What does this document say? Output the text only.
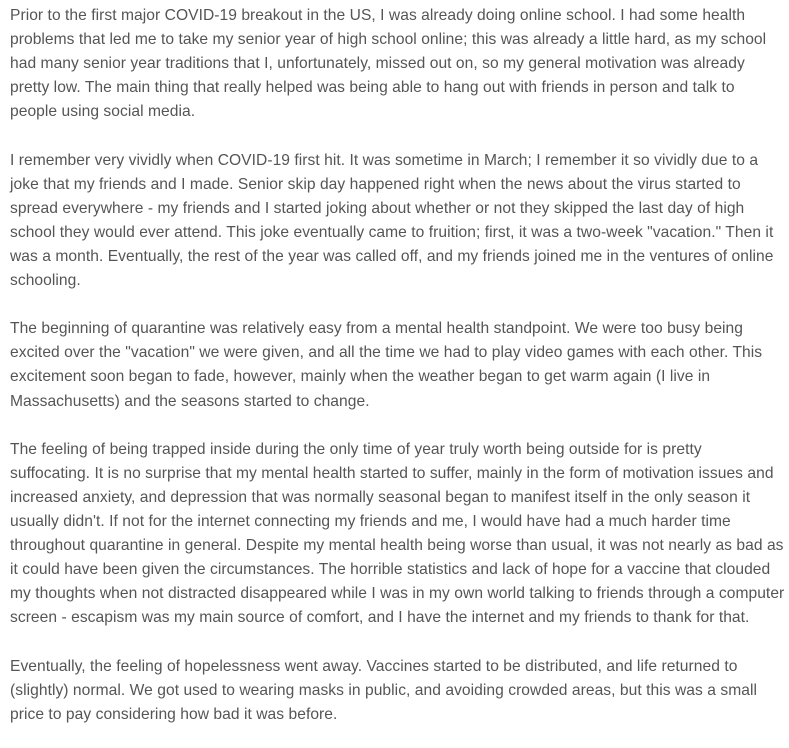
Prior to the first major COVID-19 breakout in the US, I was already doing online school. I had some health problems that led me to take my senior year of high school online; this was already a little hard, as my school had many senior year traditions that I, unfortunately, missed out on, so my general motivation was already pretty low. The main thing that really helped was being able to hang out with friends in person and talk to people using social media.

I remember very vividly when COVID-19 first hit. It was sometime in March; I remember it so vividly due to a joke that my friends and I made. Senior skip day happened right when the news about the virus started to spread everywhere - my friends and I started joking about whether or not they skipped the last day of high school they would ever attend. This joke eventually came to fruition; first, it was a two-week "vacation." Then it was a month. Eventually, the rest of the year was called off, and my friends joined me in the ventures of online schooling.

The beginning of quarantine was relatively easy from a mental health standpoint. We were too busy being excited over the "vacation" we were given, and all the time we had to play video games with each other. This excitement soon began to fade, however, mainly when the weather began to get warm again (I live in Massachusetts) and the seasons started to change.

The feeling of being trapped inside during the only time of year truly worth being outside for is pretty suffocating. It is no surprise that my mental health started to suffer, mainly in the form of motivation issues and increased anxiety, and depression that was normally seasonal began to manifest itself in the only season it usually didn't. If not for the internet connecting my friends and me, I would have had a much harder time throughout quarantine in general. Despite my mental health being worse than usual, it was not nearly as bad as it could have been given the circumstances. The horrible statistics and lack of hope for a vaccine that clouded my thoughts when not distracted disappeared while I was in my own world talking to friends through a computer screen - escapism was my main source of comfort, and I have the internet and my friends to thank for that.

Eventually, the feeling of hopelessness went away. Vaccines started to be distributed, and life returned to (slightly) normal. We got used to wearing masks in public, and avoiding crowded areas, but this was a small price to pay considering how bad it was before.
